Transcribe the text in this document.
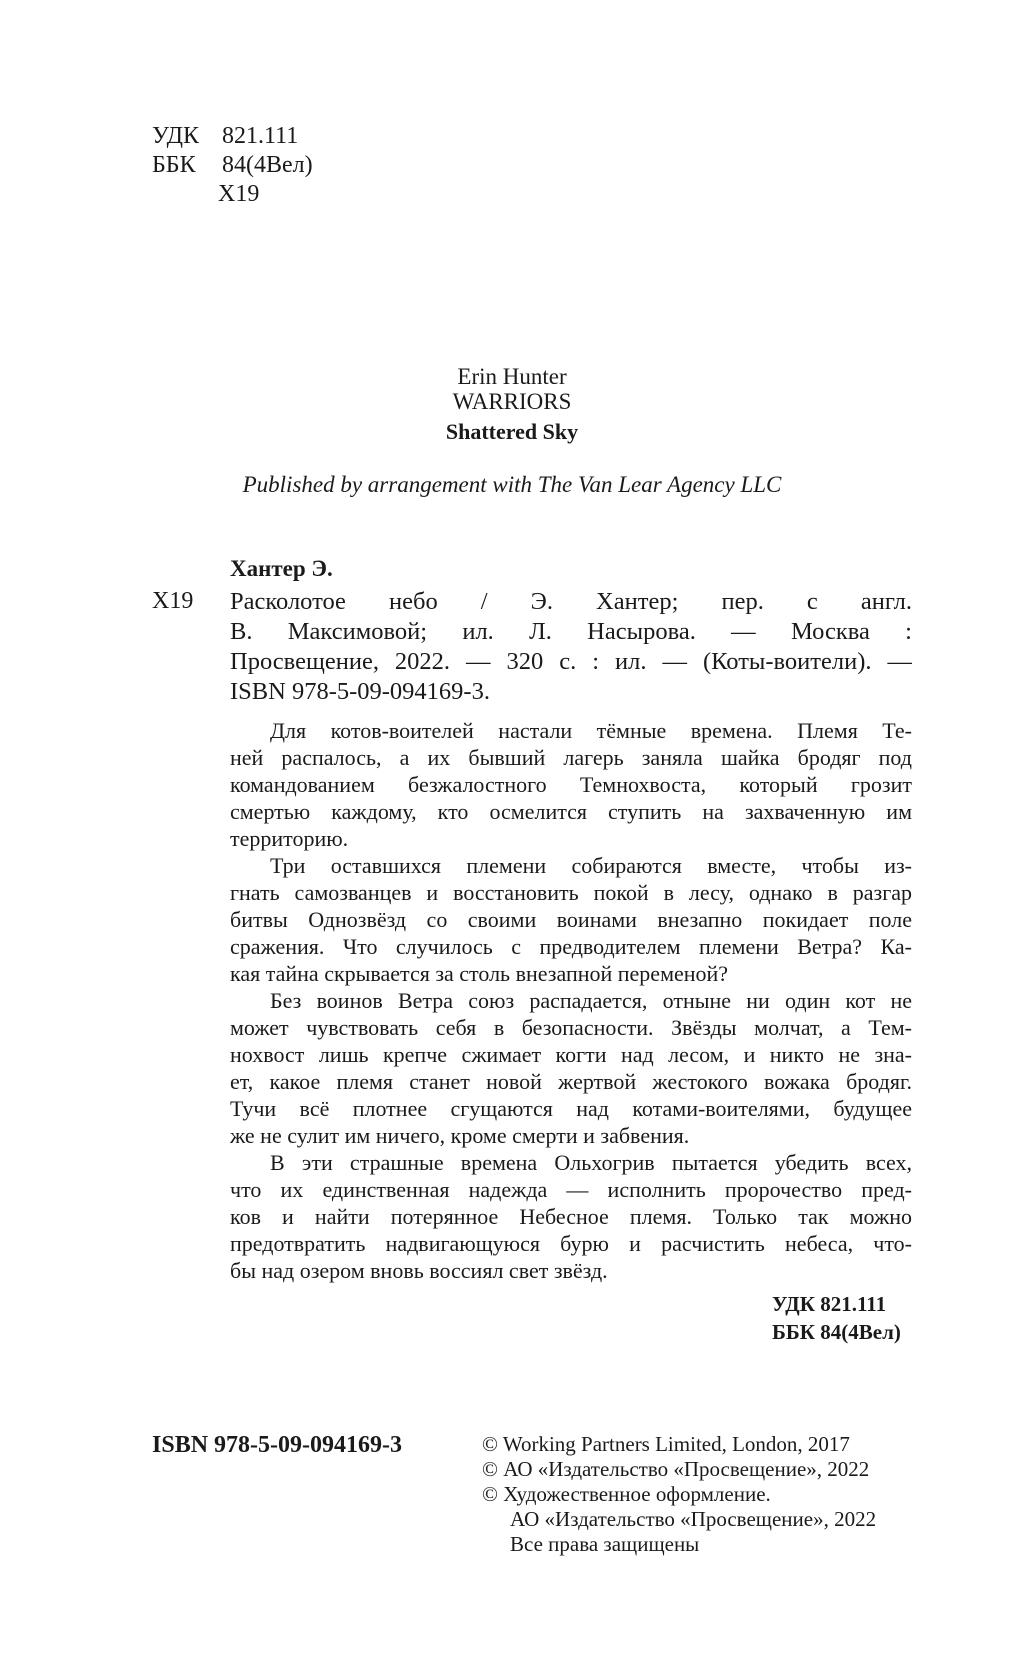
УДК 821.111
ББК	84(4Вел)
Х19
Erin Hunter
WARRIORS
Shattered Sky
Published by arrangement with The Van Lear Agency LLC
Хантер Э.
Х19 Расколотое небо / Э. Хантер; пер. с англ.
В. Максимовой; ил. Л. Насырова. — Москва :
Просвещение, 2022. — 320 с. : ил. — (Коты-воители). —
ISBN 978-5-09-094169-3.
Для котов-воителей настали тёмные времена. Племя Те-
ней распалось, а их бывший лагерь заняла шайка бродяг под
командованием безжалостного Темнохвоста, который грозит
смертью каждому, кто осмелится ступить на захваченную им
территорию.
Три оставшихся племени собираются вместе, чтобы из-
гнать самозванцев и восстановить покой в лесу, однако в разгар
битвы Однозвёзд со своими воинами внезапно покидает поле
сражения. Что случилось с предводителем племени Ветра? Ка-
кая тайна скрывается за столь внезапной переменой?
Без воинов Ветра союз распадается, отныне ни один кот не
может чувствовать себя в безопасности. Звёзды молчат, а Тем-
нохвост лишь крепче сжимает когти над лесом, и никто не зна-
ет, какое племя станет новой жертвой жестокого вожака бродяг.
Тучи всё плотнее сгущаются над котами-воителями, будущее
же не сулит им ничего, кроме смерти и забвения.
В эти страшные времена Ольхогрив пытается убедить всех,
что их единственная надежда — исполнить пророчество пред-
ков и найти потерянное Небесное племя. Только так можно
предотвратить надвигающуюся бурю и расчистить небеса, что-
бы над озером вновь воссиял свет звёзд.
УДК 821.111
ББК 84(4Вел)
ISBN 978-5-09-094169-3	© Working Partners Limited, London, 2017
© АО «Издательство «Просвещение», 2022
© Художественное оформление.
АО «Издательство «Просвещение», 2022
Все права защищены
